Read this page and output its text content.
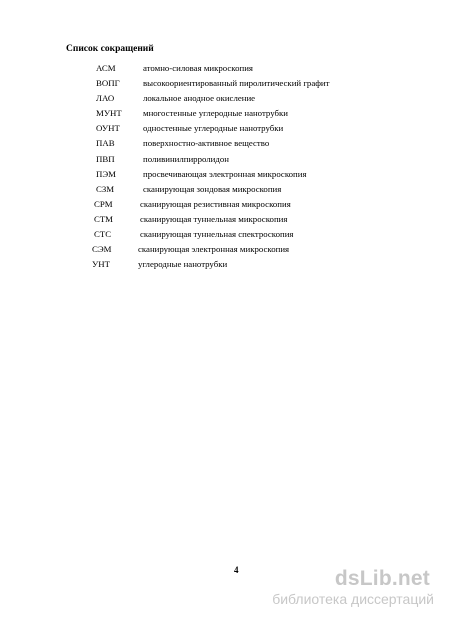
Список сокращений
АСМ	атомно-силовая микроскопия
ВОПГ	высокоориентированный пиролитический графит
ЛАО	локальное анодное окисление
МУНТ многостенные углеродные нанотрубки
ОУНТ	одностенные углеродные нанотрубки
ПАВ	поверхностно-активное вещество
ПВП	поливинилпирролидон
ПЭМ	просвечивающая электронная микроскопия
СЗМ	сканирующая зондовая микроскопия
СРМ	сканирующая резистивная микроскопия
СТМ	сканирующая туннельная микроскопия
СТС	сканирующая туннельная спектроскопия
СЭМ	сканирующая электронная микроскопия
УНТ	углеродные нанотрубки
4	dsLib.net
библиотека диссертаций
